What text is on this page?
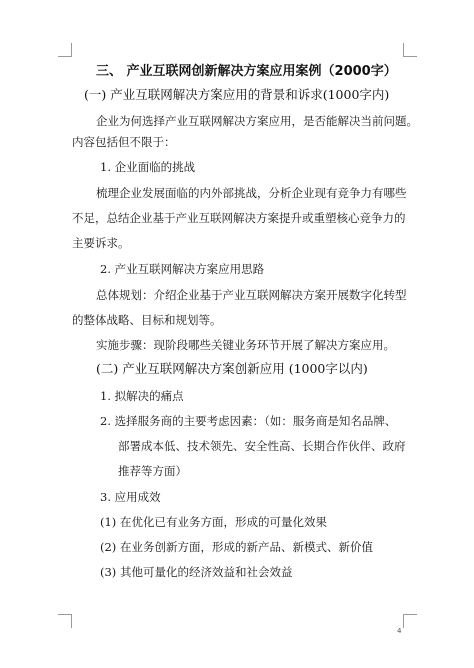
三、 产业互联网创新解决方案应用案例（2000字）
(一) 产业互联网解决方案应用的背景和诉求(1000字内)
企业为何选择产业互联网解决方案应用，是否能解决当前问题。
内容包括但不限于：
1. 企业面临的挑战
梳理企业发展面临的内外部挑战，分析企业现有竞争力有哪些
不足，总结企业基于产业互联网解决方案提升或重塑核心竞争力的
主要诉求。
2. 产业互联网解决方案应用思路
总体规划：介绍企业基于产业互联网解决方案开展数字化转型
的整体战略、目标和规划等。
实施步骤：现阶段哪些关键业务环节开展了解决方案应用。
(二) 产业互联网解决方案创新应用 (1000字以内)
1. 拟解决的痛点
2. 选择服务商的主要考虑因素：（如：服务商是知名品牌、
部署成本低、技术领先、安全性高、长期合作伙伴、政府
推荐等方面）
3. 应用成效
(1) 在优化已有业务方面，形成的可量化效果
(2) 在业务创新方面，形成的新产品、新模式、新价值
(3) 其他可量化的经济效益和社会效益
4
